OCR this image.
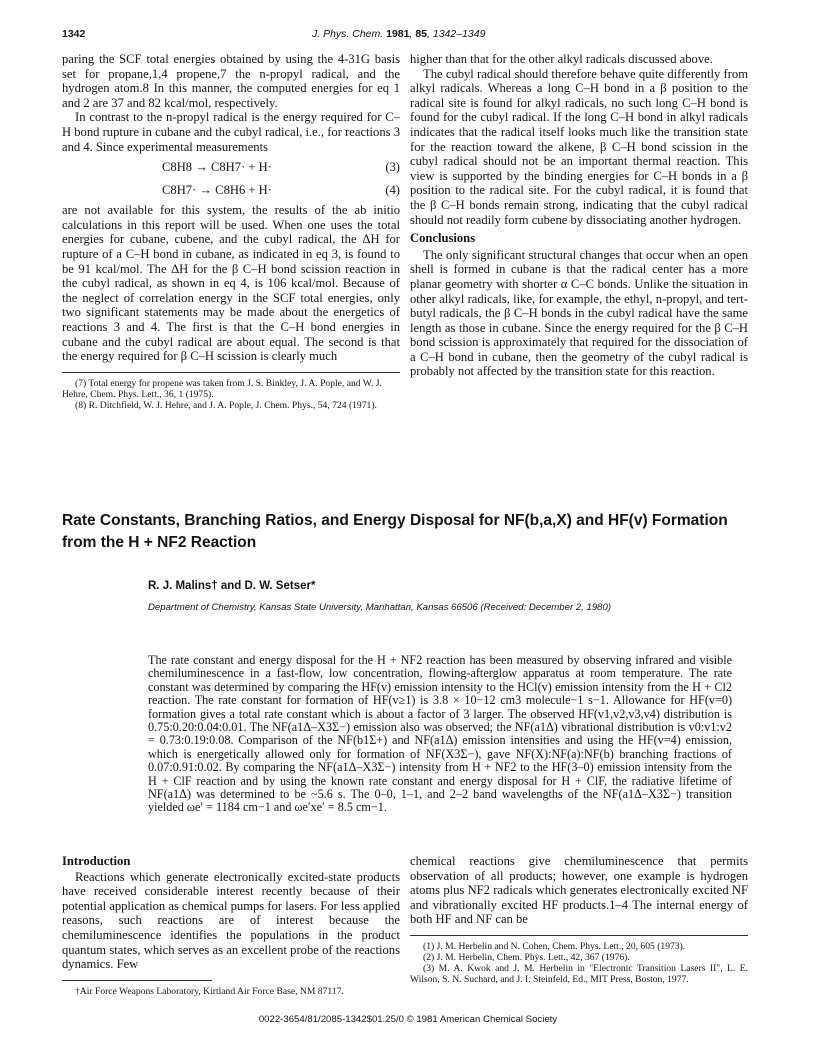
1342	J. Phys. Chem. 1981, 85, 1342–1349

paring the SCF total energies obtained by using the 4-31G basis set for propane,1,4 propene,7 the n-propyl radical, and the hydrogen atom.8 In this manner, the computed energies for eq 1 and 2 are 37 and 82 kcal/mol, respectively.

In contrast to the n-propyl radical is the energy required for C–H bond rupture in cubane and the cubyl radical, i.e., for reactions 3 and 4. Since experimental measurements

C8H8 → C8H7· + H·	(3)
C8H7· → C8H6 + H·	(4)

are not available for this system, the results of the ab initio calculations in this report will be used. When one uses the total energies for cubane, cubene, and the cubyl radical, the ΔH for rupture of a C–H bond in cubane, as indicated in eq 3, is found to be 91 kcal/mol. The ΔH for the β C–H bond scission reaction in the cubyl radical, as shown in eq 4, is 106 kcal/mol. Because of the neglect of correlation energy in the SCF total energies, only two significant statements may be made about the energetics of reactions 3 and 4. The first is that the C–H bond energies in cubane and the cubyl radical are about equal. The second is that the energy required for β C–H scission is clearly much

(7) Total energy for propene was taken from J. S. Binkley, J. A. Pople, and W. J. Hehre, Chem. Phys. Lett., 36, 1 (1975).

(8) R. Ditchfield, W. J. Hehre, and J. A. Pople, J. Chem. Phys., 54, 724 (1971).

higher than that for the other alkyl radicals discussed above.

The cubyl radical should therefore behave quite differently from alkyl radicals. Whereas a long C–H bond in a β position to the radical site is found for alkyl radicals, no such long C–H bond is found for the cubyl radical. If the long C–H bond in alkyl radicals indicates that the radical itself looks much like the transition state for the reaction toward the alkene, β C–H bond scission in the cubyl radical should not be an important thermal reaction. This view is supported by the binding energies for C–H bonds in a β position to the radical site. For the cubyl radical, it is found that the β C–H bonds remain strong, indicating that the cubyl radical should not readily form cubene by dissociating another hydrogen.

Conclusions

The only significant structural changes that occur when an open shell is formed in cubane is that the radical center has a more planar geometry with shorter α C–C bonds. Unlike the situation in other alkyl radicals, like, for example, the ethyl, n-propyl, and tert-butyl radicals, the β C–H bonds in the cubyl radical have the same length as those in cubane. Since the energy required for the β C–H bond scission is approximately that required for the dissociation of a C–H bond in cubane, then the geometry of the cubyl radical is probably not affected by the transition state for this reaction.

Rate Constants, Branching Ratios, and Energy Disposal for NF(b,a,X) and HF(v) Formation from the H + NF2 Reaction
R. J. Malins† and D. W. Setser*
Department of Chemistry, Kansas State University, Manhattan, Kansas 66506 (Received: December 2, 1980)
The rate constant and energy disposal for the H + NF2 reaction has been measured by observing infrared and visible chemiluminescence in a fast-flow, low concentration, flowing-afterglow apparatus at room temperature. The rate constant was determined by comparing the HF(v) emission intensity to the HCl(v) emission intensity from the H + Cl2 reaction. The rate constant for formation of HF(v≥1) is 3.8 × 10−12 cm3 molecule−1 s−1. Allowance for HF(v=0) formation gives a total rate constant which is about a factor of 3 larger. The observed HF(v1,v2,v3,v4) distribution is 0.75:0.20:0.04:0.01. The NF(a1Δ–X3Σ−) emission also was observed; the NF(a1Δ) vibrational distribution is v0:v1:v2 = 0.73:0.19:0.08. Comparison of the NF(b1Σ+) and NF(a1Δ) emission intensities and using the HF(v=4) emission, which is energetically allowed only for formation of NF(X3Σ−), gave NF(X):NF(a):NF(b) branching fractions of 0.07:0.91:0.02. By comparing the NF(a1Δ–X3Σ−) intensity from H + NF2 to the HF(3–0) emission intensity from the H + ClF reaction and by using the known rate constant and energy disposal for H + ClF, the radiative lifetime of NF(a1Δ) was determined to be ~5.6 s. The 0–0, 1–1, and 2–2 band wavelengths of the NF(a1Δ–X3Σ−) transition yielded ωe′ = 1184 cm−1 and ωe′xe′ = 8.5 cm−1.
Introduction

Reactions which generate electronically excited-state products have received considerable interest recently because of their potential application as chemical pumps for lasers. For less applied reasons, such reactions are of interest because the chemiluminescence identifies the populations in the product quantum states, which serves as an excellent probe of the reactions dynamics. Few

†Air Force Weapons Laboratory, Kirtland Air Force Base, NM 87117.

chemical reactions give chemiluminescence that permits observation of all products; however, one example is hydrogen atoms plus NF2 radicals which generates electronically excited NF and vibrationally excited HF products.1–4 The internal energy of both HF and NF can be

(1) J. M. Herbelin and N. Cohen, Chem. Phys. Lett., 20, 605 (1973).

(2) J. M. Herbelin, Chem. Phys. Lett., 42, 367 (1976).

(3) M. A. Kwok and J. M. Herbelin in "Electronic Transition Lasers II", L. E. Wilson, S. N. Suchard, and J. I. Steinfeld, Ed., MIT Press, Boston, 1977.

0022-3654/81/2085-1342$01.25/0 © 1981 American Chemical Society
